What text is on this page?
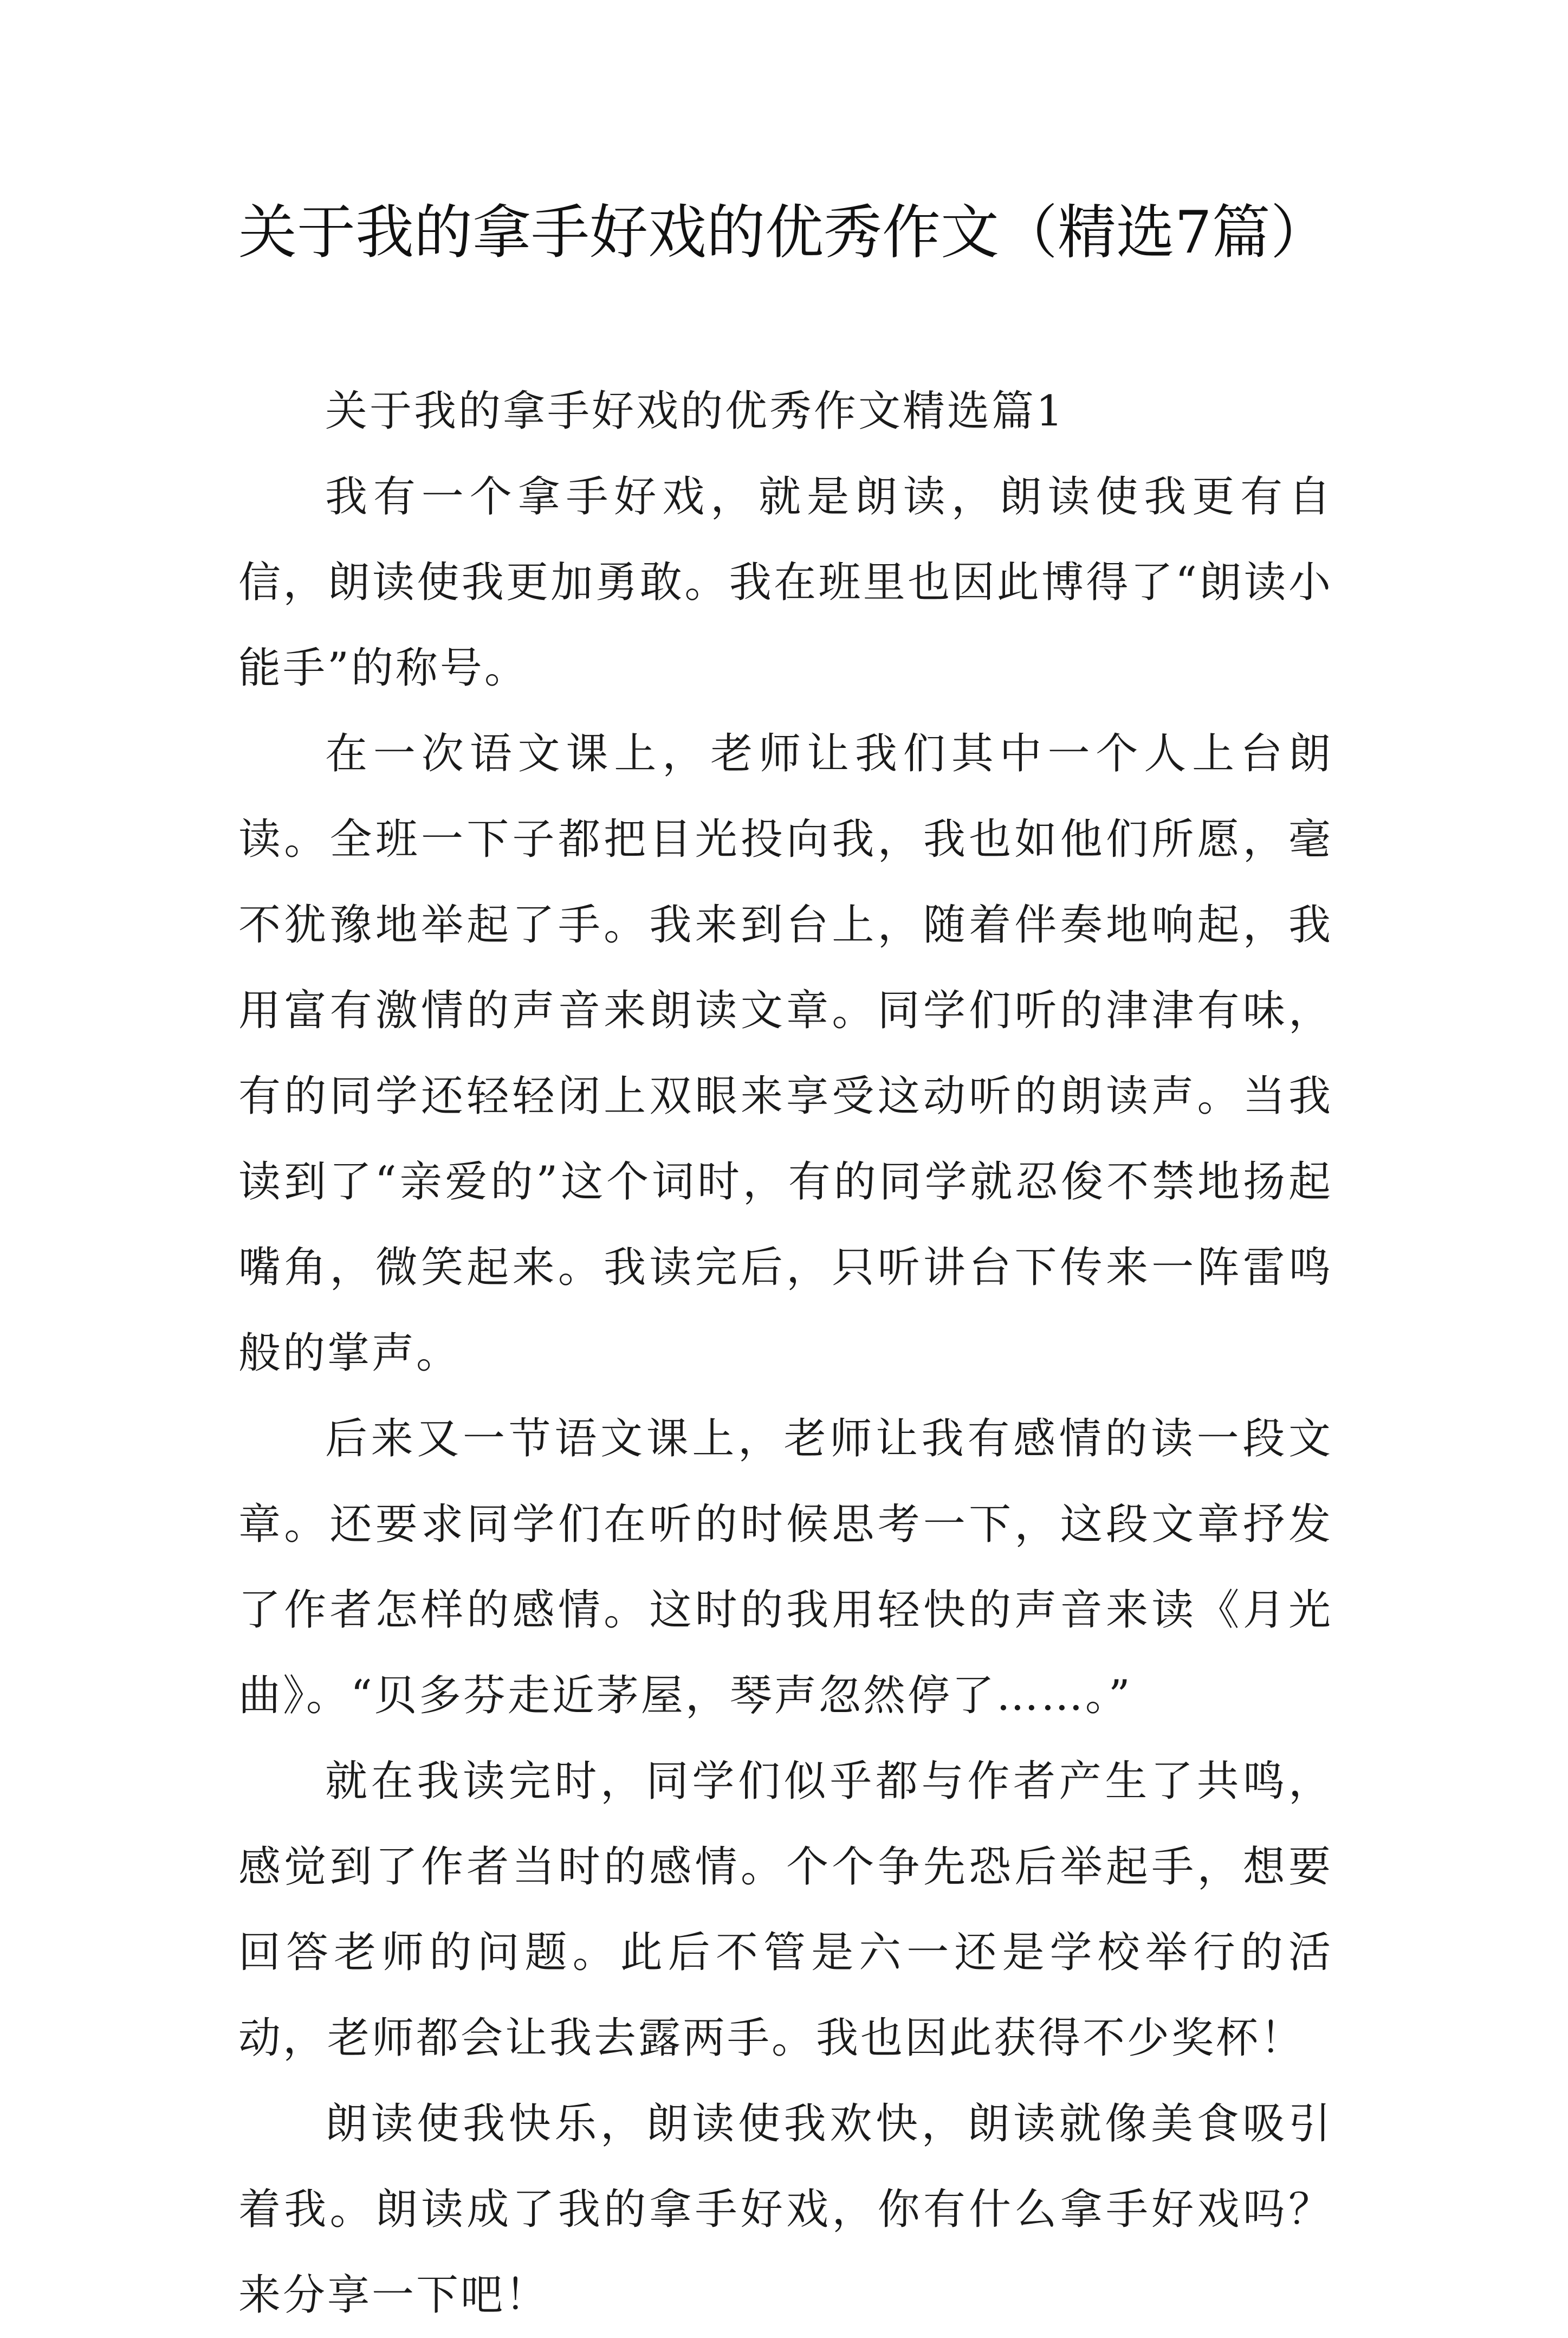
关于我的拿手好戏的优秀作文（精选7篇）

关于我的拿手好戏的优秀作文精选篇1

我有一个拿手好戏，就是朗读，朗读使我更有自信，朗读使我更加勇敢。我在班里也因此博得了“朗读小能手”的称号。

在一次语文课上，老师让我们其中一个人上台朗读。全班一下子都把目光投向我，我也如他们所愿，毫不犹豫地举起了手。我来到台上，随着伴奏地响起，我用富有激情的声音来朗读文章。同学们听的津津有味，有的同学还轻轻闭上双眼来享受这动听的朗读声。当我读到了“亲爱的”这个词时，有的同学就忍俊不禁地扬起嘴角，微笑起来。我读完后，只听讲台下传来一阵雷鸣般的掌声。

后来又一节语文课上，老师让我有感情的读一段文章。还要求同学们在听的时候思考一下，这段文章抒发了作者怎样的感情。这时的我用轻快的声音来读《月光曲》。“贝多芬走近茅屋，琴声忽然停了……。”

就在我读完时，同学们似乎都与作者产生了共鸣，感觉到了作者当时的感情。个个争先恐后举起手，想要回答老师的问题。此后不管是六一还是学校举行的活动，老师都会让我去露两手。我也因此获得不少奖杯！

朗读使我快乐，朗读使我欢快，朗读就像美食吸引着我。朗读成了我的拿手好戏，你有什么拿手好戏吗？来分享一下吧！
